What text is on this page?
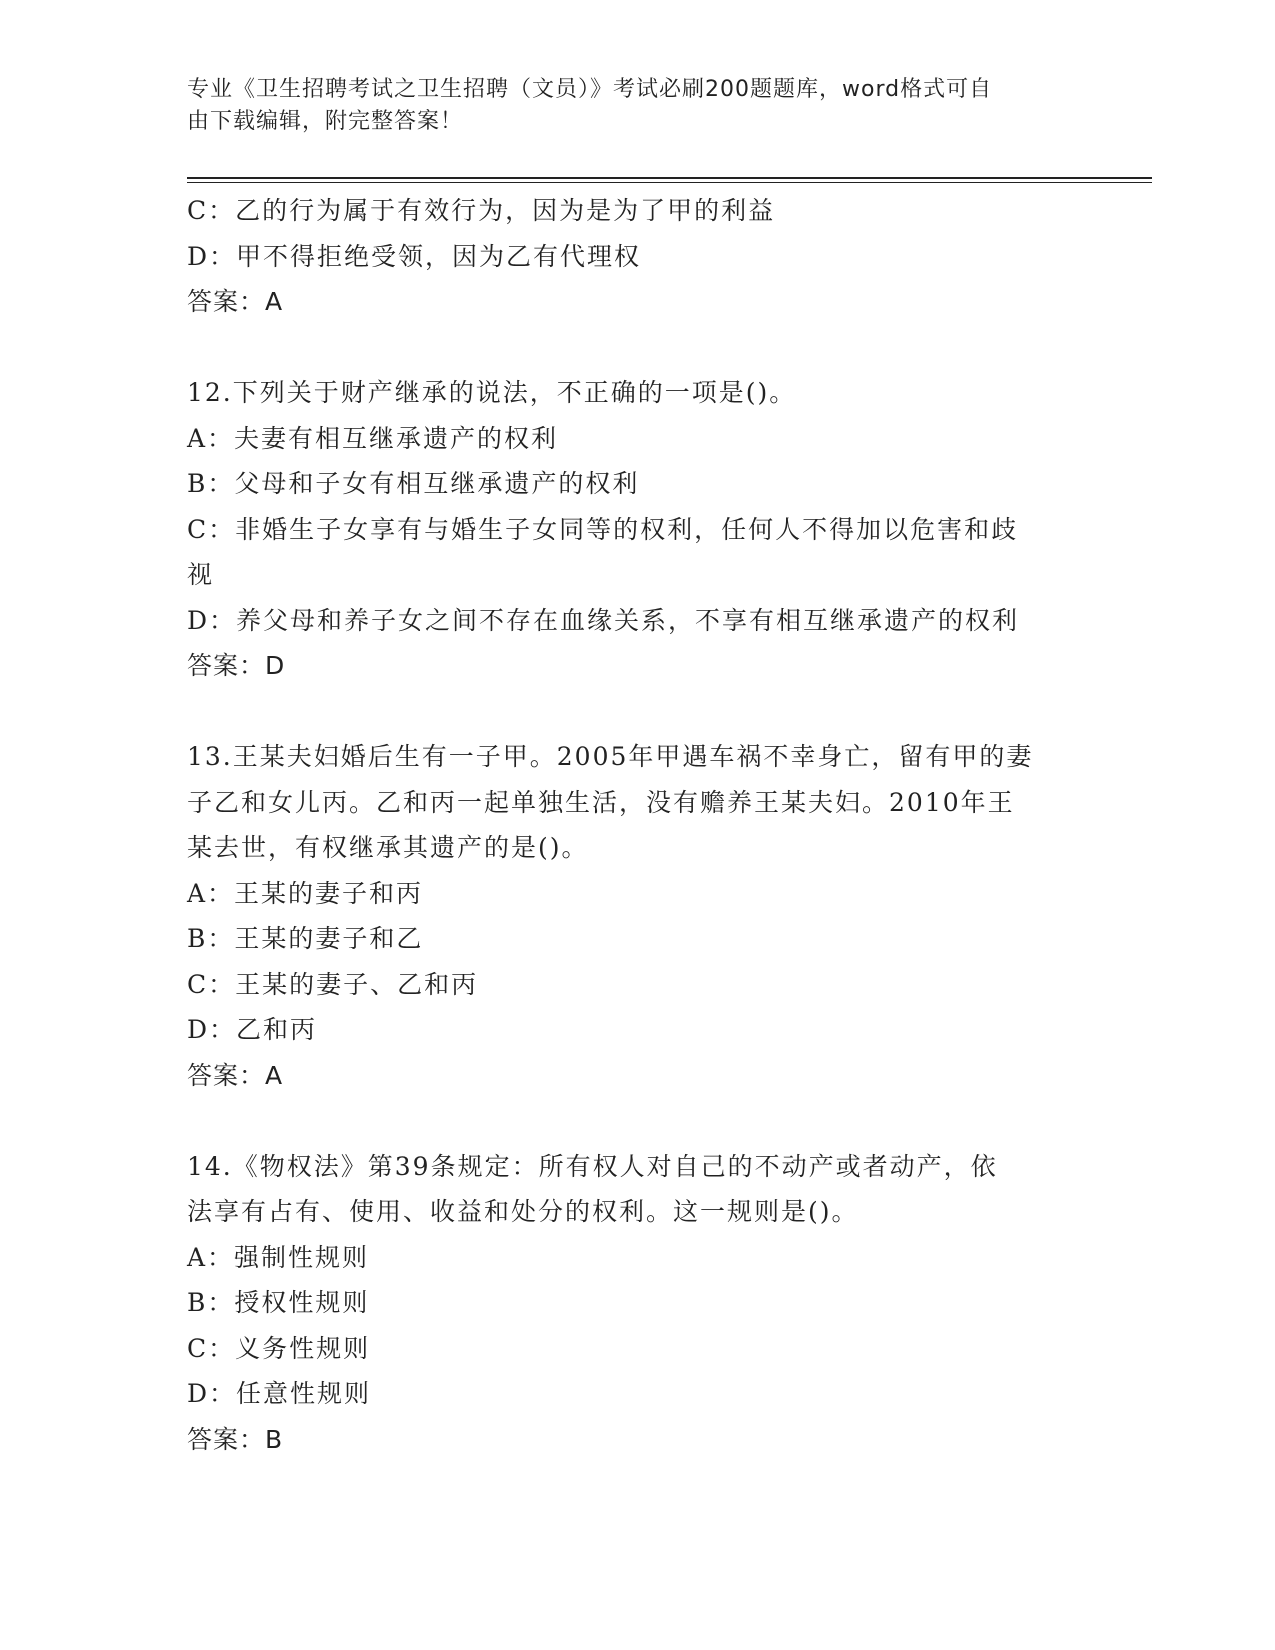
专业《卫生招聘考试之卫生招聘（文员）》考试必刷200题题库，word格式可自
由下载编辑，附完整答案！
C：乙的行为属于有效行为，因为是为了甲的利益
D：甲不得拒绝受领，因为乙有代理权
答案：A
12.下列关于财产继承的说法，不正确的一项是()。
A：夫妻有相互继承遗产的权利
B：父母和子女有相互继承遗产的权利
C：非婚生子女享有与婚生子女同等的权利，任何人不得加以危害和歧
视
D：养父母和养子女之间不存在血缘关系，不享有相互继承遗产的权利
答案：D
13.王某夫妇婚后生有一子甲。2005年甲遇车祸不幸身亡，留有甲的妻
子乙和女儿丙。乙和丙一起单独生活，没有赡养王某夫妇。2010年王
某去世，有权继承其遗产的是()。
A：王某的妻子和丙
B：王某的妻子和乙
C：王某的妻子、乙和丙
D：乙和丙
答案：A
14.《物权法》第39条规定：所有权人对自己的不动产或者动产，依
法享有占有、使用、收益和处分的权利。这一规则是()。
A：强制性规则
B：授权性规则
C：义务性规则
D：任意性规则
答案：B
